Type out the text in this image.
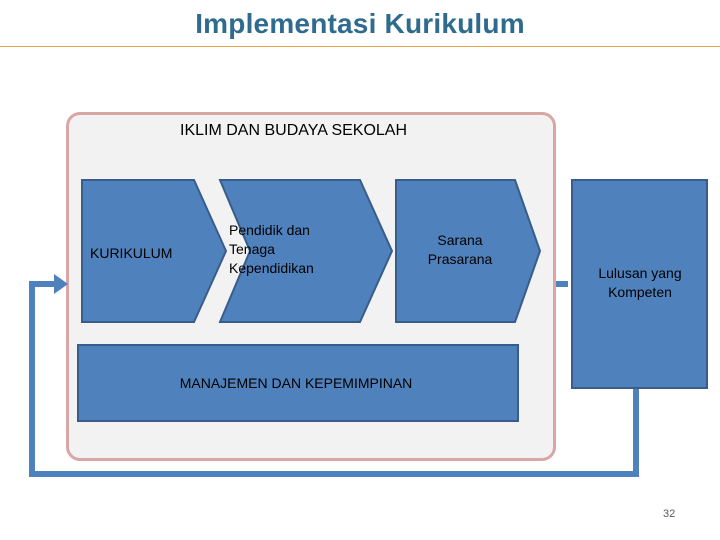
Implementasi Kurikulum
IKLIM DAN BUDAYA SEKOLAH
KURIKULUM
Pendidik dan
Tenaga
Kependidikan
Sarana
Prasarana
Lulusan yang
Kompeten
MANAJEMEN DAN KEPEMIMPINAN
32
